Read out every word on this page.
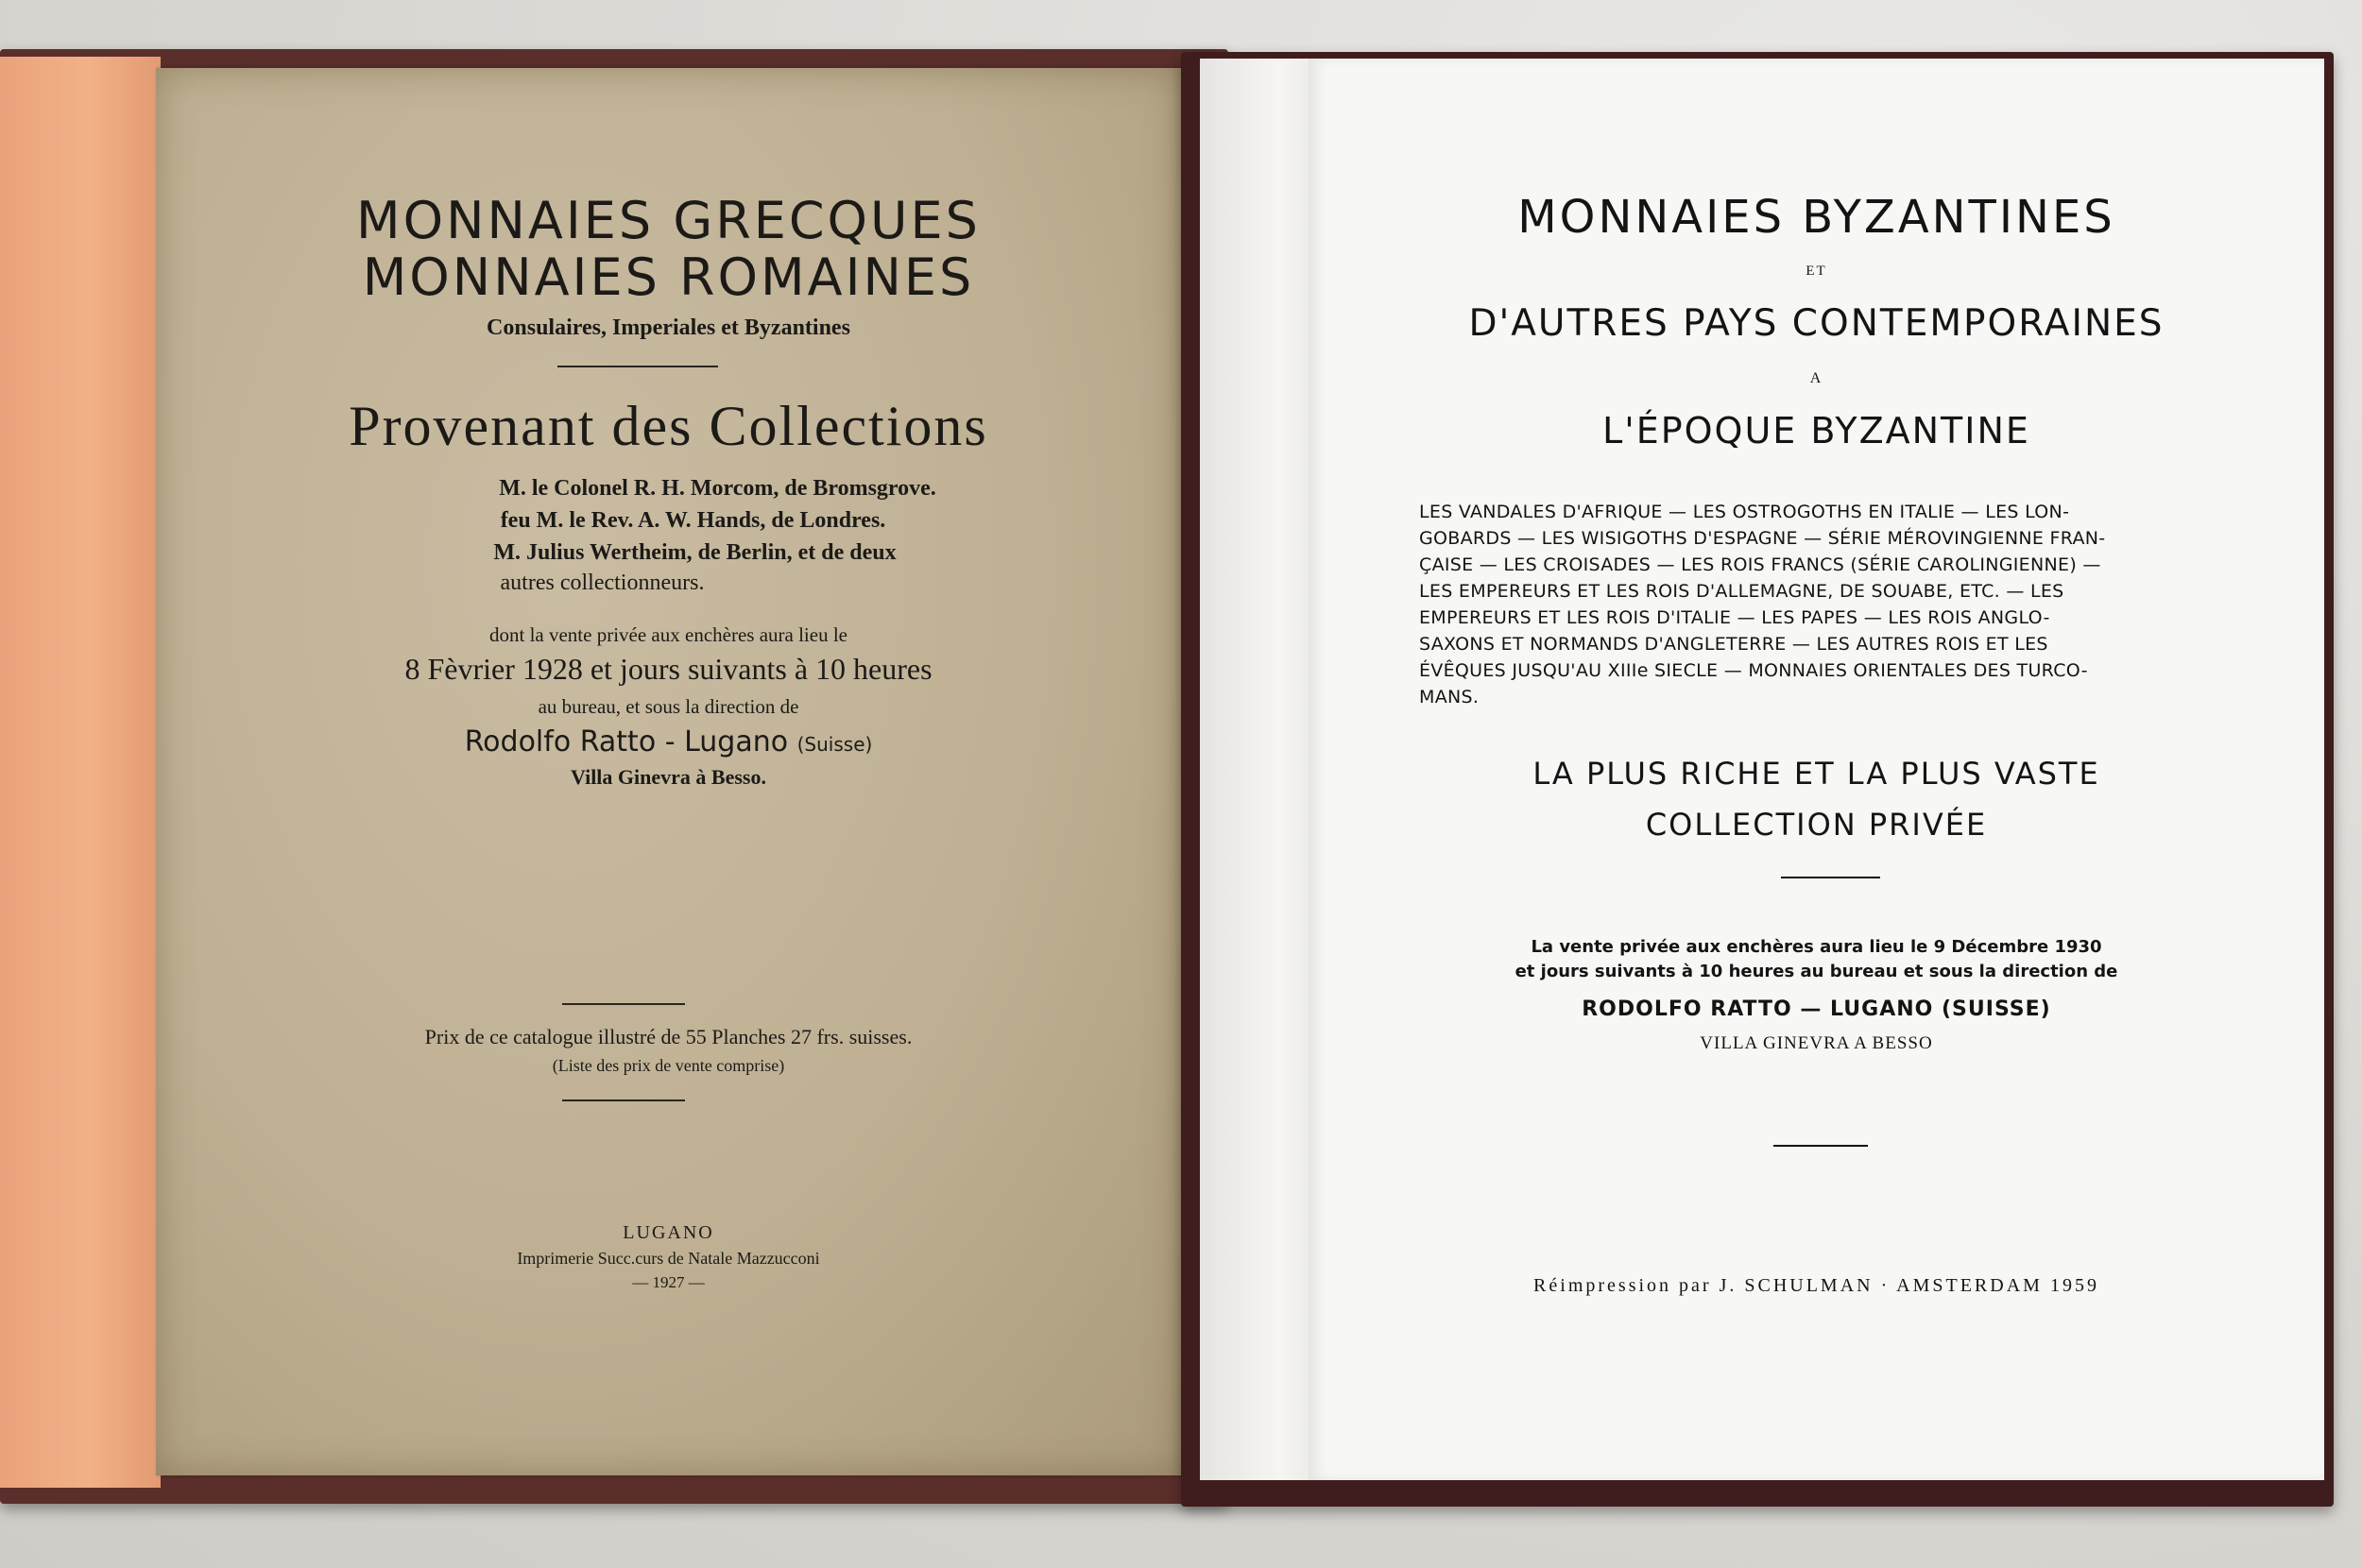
MONNAIES GRECQUES
MONNAIES ROMAINES
Consulaires, Imperiales et Byzantines
Provenant des Collections
M. le Colonel R. H. Morcom, de Bromsgrove.
feu M. le Rev. A. W. Hands, de Londres.
M. Julius Wertheim, de Berlin, et de deux
autres collectionneurs.
dont la vente privée aux enchères aura lieu le
8 Fèvrier 1928 et jours suivants à 10 heures
au bureau, et sous la direction de
Rodolfo Ratto - Lugano (Suisse)
Villa Ginevra à Besso.
Prix de ce catalogue illustré de 55 Planches 27 frs. suisses.
(Liste des prix de vente comprise)
LUGANO
Imprimerie Succ.curs de Natale Mazzucconi
— 1927 —
MONNAIES BYZANTINES
ET
D'AUTRES PAYS CONTEMPORAINES
A
L'ÉPOQUE BYZANTINE
LES VANDALES D'AFRIQUE — LES OSTROGOTHS EN ITALIE — LES LON-
GOBARDS — LES WISIGOTHS D'ESPAGNE — SÉRIE MÉROVINGIENNE FRAN-
ÇAISE — LES CROISADES — LES ROIS FRANCS (SÉRIE CAROLINGIENNE) —
LES EMPEREURS ET LES ROIS D'ALLEMAGNE, DE SOUABE, ETC. — LES
EMPEREURS ET LES ROIS D'ITALIE — LES PAPES — LES ROIS ANGLO-
SAXONS ET NORMANDS D'ANGLETERRE — LES AUTRES ROIS ET LES
ÉVÊQUES JUSQU'AU XIIIe SIECLE — MONNAIES ORIENTALES DES TURCO-
MANS.
LA PLUS RICHE ET LA PLUS VASTE
COLLECTION PRIVÉE
La vente privée aux enchères aura lieu le 9 Décembre 1930
et jours suivants à 10 heures au bureau et sous la direction de
RODOLFO RATTO — LUGANO (SUISSE)
VILLA GINEVRA A BESSO
Réimpression par J. SCHULMAN · AMSTERDAM 1959
